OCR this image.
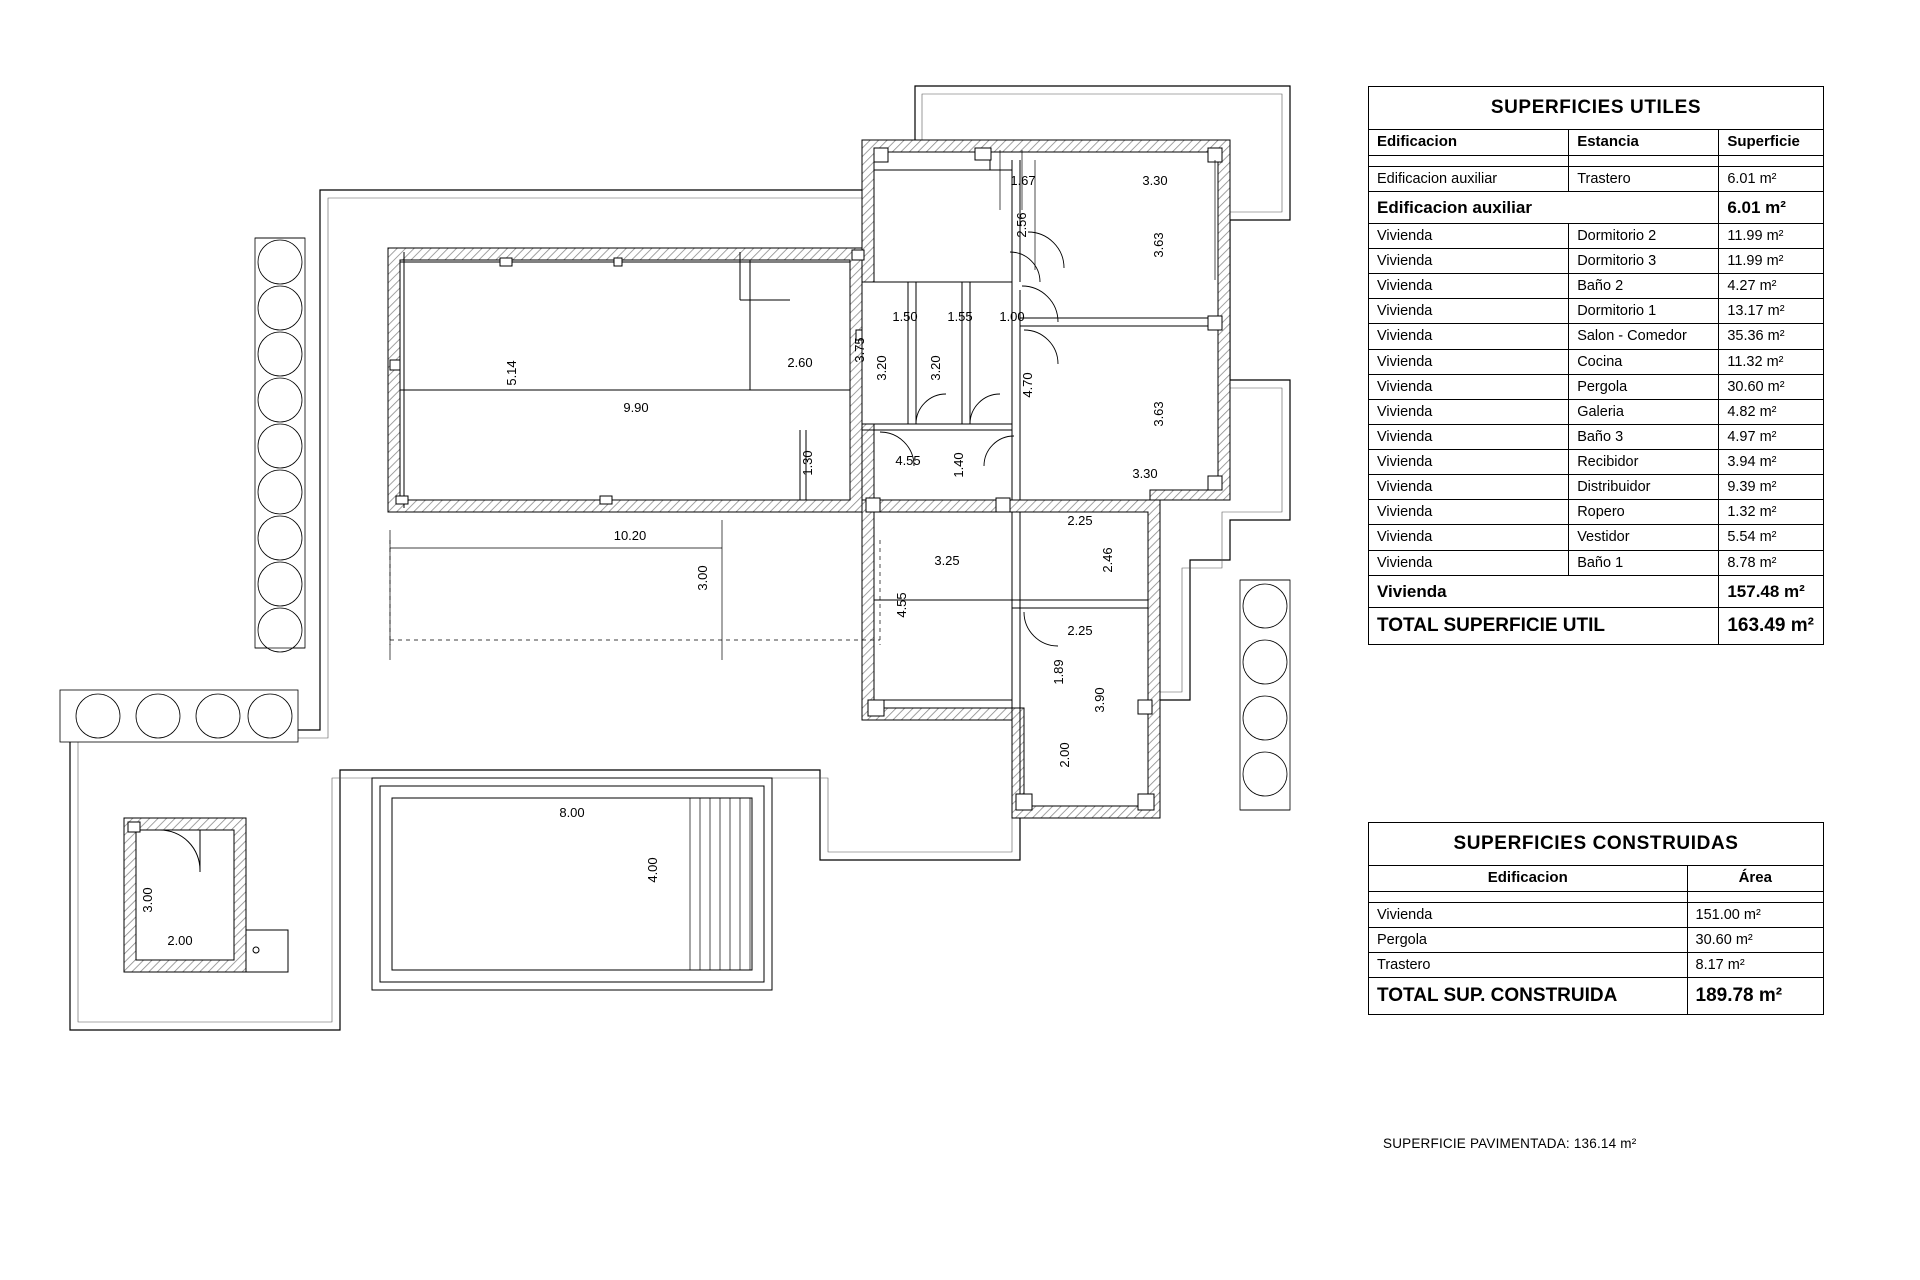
1.67	3.30
2.56
3.63
3.75
5.14
9.90
2.60
1.50 1.55 1.00
3.20	3.20
4.70
3.63
1.30	4.55 1.40	3.30
10.20
3.00
2.25
2.46
3.25
4.55
2.25
1.89
3.90
2.00
8.00
4.00
3.00
2.00
SUPERFICIES UTILES		
Edificacion	Estancia	Superficie

Edificacion auxiliar	Trastero	6.01 m²
Edificacion auxiliar		6.01 m²
Vivienda	Dormitorio 2	11.99 m²
Vivienda	Dormitorio 3	11.99 m²
Vivienda	Baño 2	4.27 m²
Vivienda	Dormitorio 1	13.17 m²
Vivienda	Salon - Comedor	35.36 m²
Vivienda	Cocina	11.32 m²
Vivienda	Pergola	30.60 m²
Vivienda	Galeria	4.82 m²
Vivienda	Baño 3	4.97 m²
Vivienda	Recibidor	3.94 m²
Vivienda	Distribuidor	9.39 m²
Vivienda	Ropero	1.32 m²
Vivienda	Vestidor	5.54 m²
Vivienda	Baño 1	8.78 m²
Vivienda		157.48 m²
TOTAL SUPERFICIE UTIL		163.49 m²
SUPERFICIES CONSTRUIDAS	
Edificacion	Área

Vivienda	151.00 m²
Pergola	30.60 m²
Trastero	8.17 m²
TOTAL SUP. CONSTRUIDA	189.78 m²
SUPERFICIE PAVIMENTADA: 136.14 m²
